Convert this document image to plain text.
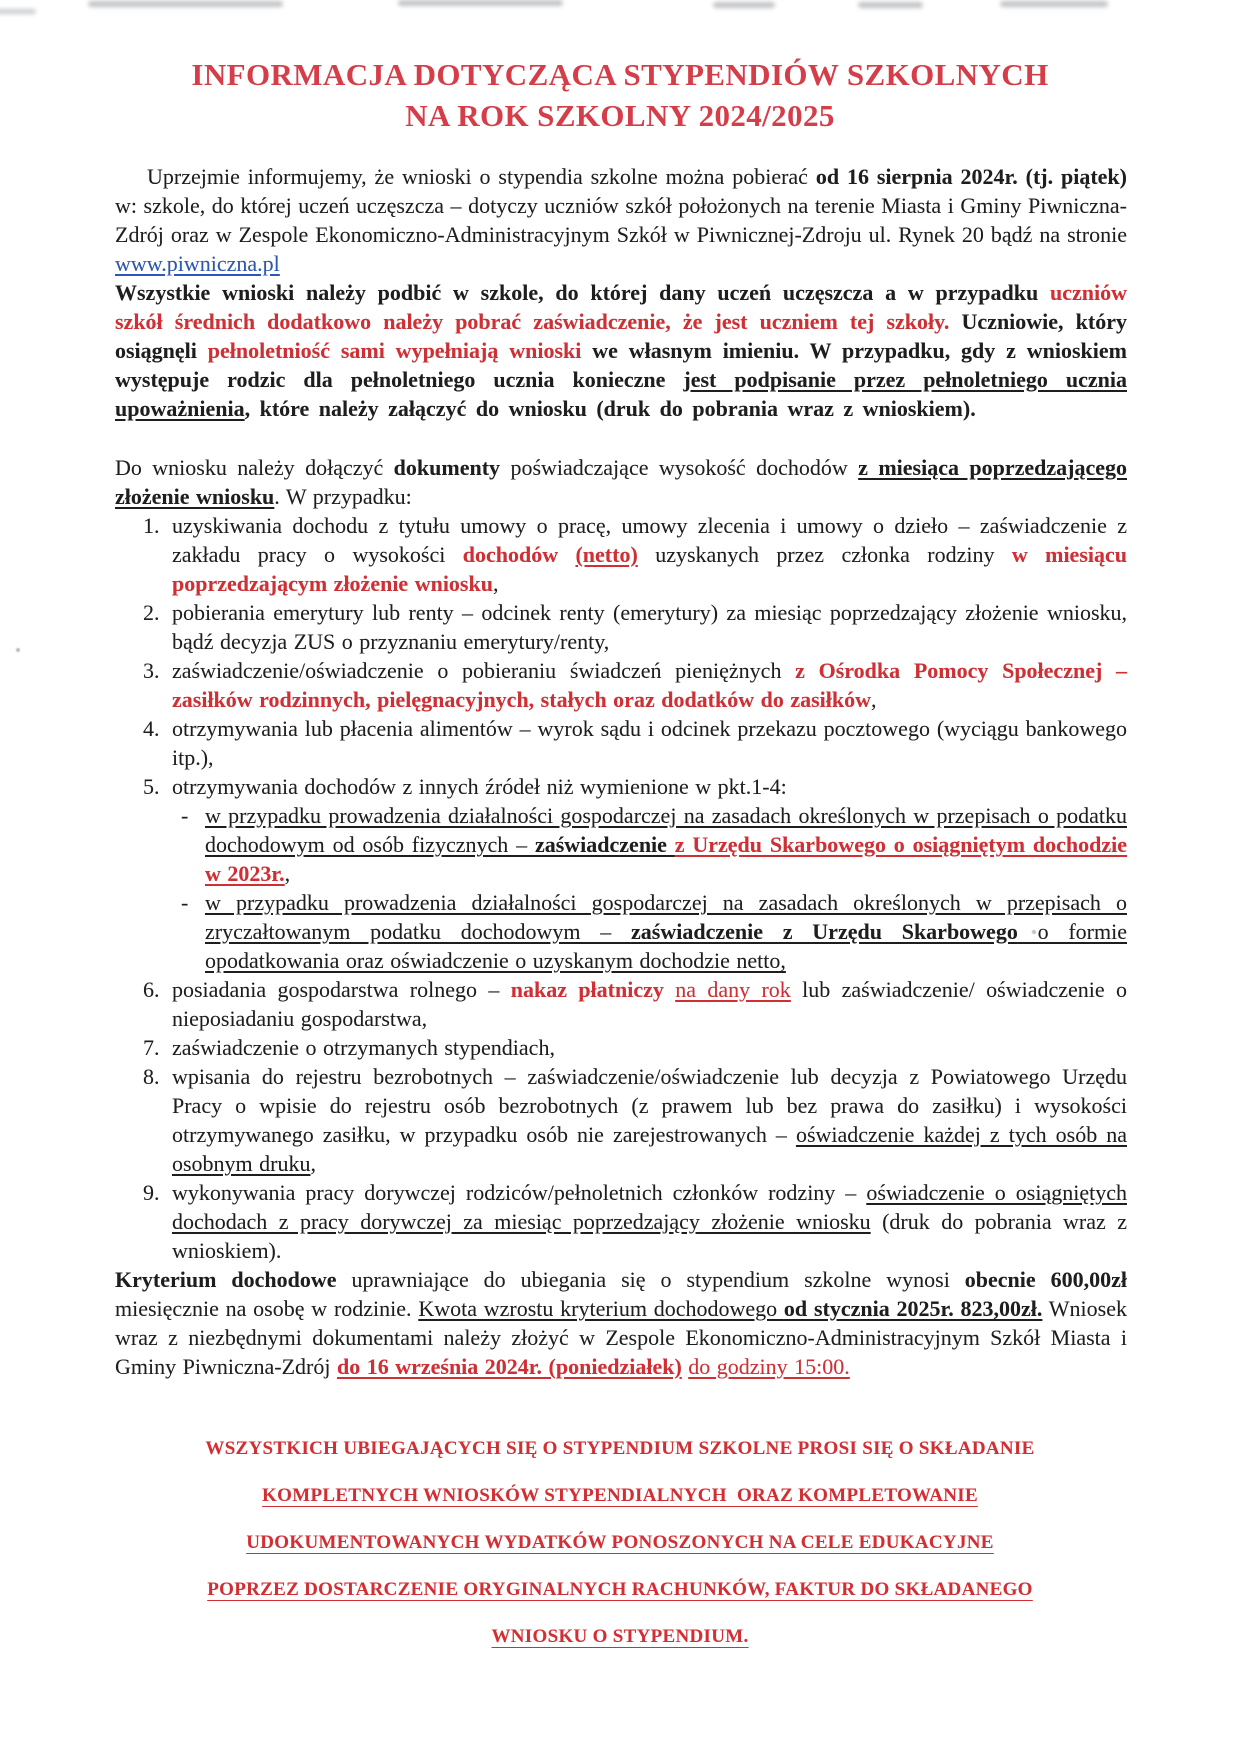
INFORMACJA DOTYCZĄCA STYPENDIÓW SZKOLNYCH
NA ROK SZKOLNY 2024/2025
Uprzejmie informujemy, że wnioski o stypendia szkolne można pobierać od 16 sierpnia 2024r. (tj. piątek) w: szkole, do której uczeń uczęszcza – dotyczy uczniów szkół położonych na terenie Miasta i Gminy Piwniczna-Zdrój oraz w Zespole Ekonomiczno-Administracyjnym Szkół w Piwnicznej-Zdroju ul. Rynek 20 bądź na stronie www.piwniczna.pl
Wszystkie wnioski należy podbić w szkole, do której dany uczeń uczęszcza a w przypadku uczniów szkół średnich dodatkowo należy pobrać zaświadczenie, że jest uczniem tej szkoły. Uczniowie, który osiągnęli pełnoletniość sami wypełniają wnioski we własnym imieniu. W przypadku, gdy z wnioskiem występuje rodzic dla pełnoletniego ucznia konieczne jest podpisanie przez pełnoletniego ucznia upoważnienia, które należy załączyć do wniosku (druk do pobrania wraz z wnioskiem).
Do wniosku należy dołączyć dokumenty poświadczające wysokość dochodów z miesiąca poprzedzającego złożenie wniosku. W przypadku:
1. uzyskiwania dochodu z tytułu umowy o pracę, umowy zlecenia i umowy o dzieło – zaświadczenie z zakładu pracy o wysokości dochodów (netto) uzyskanych przez członka rodziny w miesiącu poprzedzającym złożenie wniosku,
2. pobierania emerytury lub renty – odcinek renty (emerytury) za miesiąc poprzedzający złożenie wniosku, bądź decyzja ZUS o przyznaniu emerytury/renty,
3. zaświadczenie/oświadczenie o pobieraniu świadczeń pieniężnych z Ośrodka Pomocy Społecznej – zasiłków rodzinnych, pielęgnacyjnych, stałych oraz dodatków do zasiłków,
4. otrzymywania lub płacenia alimentów – wyrok sądu i odcinek przekazu pocztowego (wyciągu bankowego itp.),
5. otrzymywania dochodów z innych źródeł niż wymienione w pkt.1-4:
- w przypadku prowadzenia działalności gospodarczej na zasadach określonych w przepisach o podatku dochodowym od osób fizycznych – zaświadczenie z Urzędu Skarbowego o osiągniętym dochodzie w 2023r.,
- w przypadku prowadzenia działalności gospodarczej na zasadach określonych w przepisach o zryczałtowanym podatku dochodowym – zaświadczenie z Urzędu Skarbowego o formie opodatkowania oraz oświadczenie o uzyskanym dochodzie netto,
6. posiadania gospodarstwa rolnego – nakaz płatniczy na dany rok lub zaświadczenie/ oświadczenie o nieposiadaniu gospodarstwa,
7. zaświadczenie o otrzymanych stypendiach,
8. wpisania do rejestru bezrobotnych – zaświadczenie/oświadczenie lub decyzja z Powiatowego Urzędu Pracy o wpisie do rejestru osób bezrobotnych (z prawem lub bez prawa do zasiłku) i wysokości otrzymywanego zasiłku, w przypadku osób nie zarejestrowanych – oświadczenie każdej z tych osób na osobnym druku,
9. wykonywania pracy dorywczej rodziców/pełnoletnich członków rodziny – oświadczenie o osiągniętych dochodach z pracy dorywczej za miesiąc poprzedzający złożenie wniosku (druk do pobrania wraz z wnioskiem).
Kryterium dochodowe uprawniające do ubiegania się o stypendium szkolne wynosi obecnie 600,00zł miesięcznie na osobę w rodzinie. Kwota wzrostu kryterium dochodowego od stycznia 2025r. 823,00zł. Wniosek wraz z niezbędnymi dokumentami należy złożyć w Zespole Ekonomiczno-Administracyjnym Szkół Miasta i Gminy Piwniczna-Zdrój do 16 września 2024r. (poniedziałek) do godziny 15:00.
WSZYSTKICH UBIEGAJĄCYCH SIĘ O STYPENDIUM SZKOLNE PROSI SIĘ O SKŁADANIE
KOMPLETNYCH WNIOSKÓW STYPENDIALNYCH  ORAZ KOMPLETOWANIE
UDOKUMENTOWANYCH WYDATKÓW PONOSZONYCH NA CELE EDUKACYJNE
POPRZEZ DOSTARCZENIE ORYGINALNYCH RACHUNKÓW, FAKTUR DO SKŁADANEGO
WNIOSKU O STYPENDIUM.
